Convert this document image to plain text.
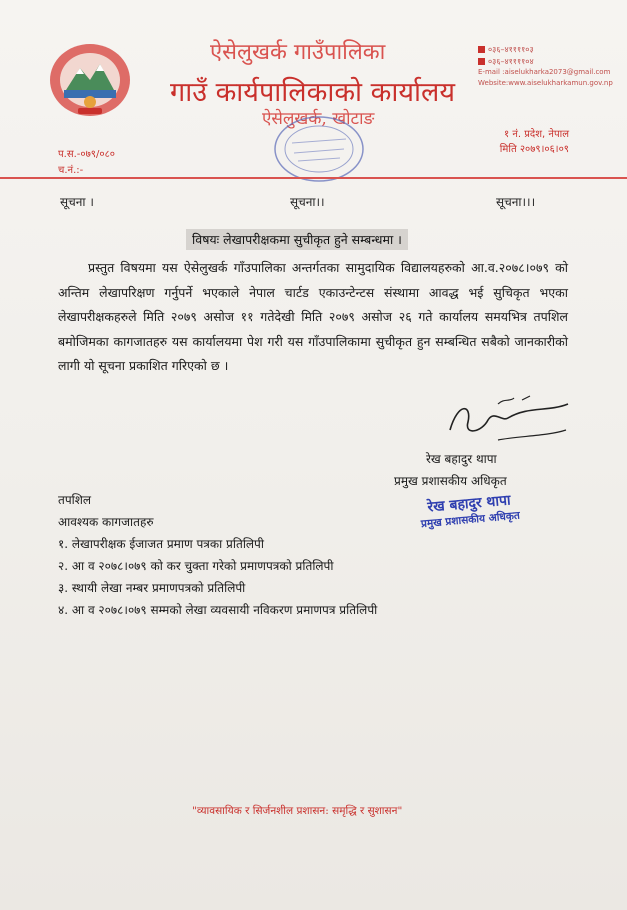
ऐसेलुखर्क गाउँपालिका
गाउँ कार्यपालिकाको कार्यालय
ऐसेलुखर्क, खोटाङ
०३६–४११११०३
०३६–४११११०४
E-mail :aiselukharka2073@gmail.com
Website:www.aiselukharkamun.gov.np
१ नं. प्रदेश, नेपाल
मिति २०७९।०६।०९
प.स.-०७९/०८०
च.नं.:-
सूचना ।	सूचना।।	सूचना।।।
विषयः लेखापरीक्षकमा सुचीकृत हुने सम्बन्धमा ।
प्रस्तुत विषयमा यस ऐसेलुखर्क गाँउपालिका अन्तर्गतका सामुदायिक विद्यालयहरुको आ.व.२०७८।०७९ को अन्तिम लेखापरिक्षण गर्नुपर्ने भएकाले नेपाल चार्टड एकाउन्टेन्टस संस्थामा आवद्ध भई सुचिकृत भएका लेखापरीक्षकहरुले मिति २०७९ असोज ११ गतेदेखी मिति २०७९ असोज २६ गते कार्यालय समयभित्र तपशिल बमोजिमका कागजातहरु यस कार्यालयमा पेश गरी यस गाँउपालिकामा सुचीकृत हुन सम्बन्धित सबैको जानकारीको लागी यो सूचना प्रकाशित गरिएको छ ।
रेख बहादुर थापा
प्रमुख प्रशासकीय अधिकृत
रेख बहादुर थापा
प्रमुख प्रशासकीय अधिकृत
तपशिल
आवश्यक कागजातहरु
१. लेखापरीक्षक ईजाजत प्रमाण पत्रका प्रतिलिपी
२. आ व २०७८।०७९ को कर चुक्ता गरेको प्रमाणपत्रको प्रतिलिपी
३. स्थायी लेखा नम्बर प्रमाणपत्रको प्रतिलिपी
४. आ व २०७८।०७९ सम्मको लेखा व्यवसायी नविकरण प्रमाणपत्र प्रतिलिपी
"व्यावसायिक र सिर्जनशील प्रशासन: समृद्धि र सुशासन"
